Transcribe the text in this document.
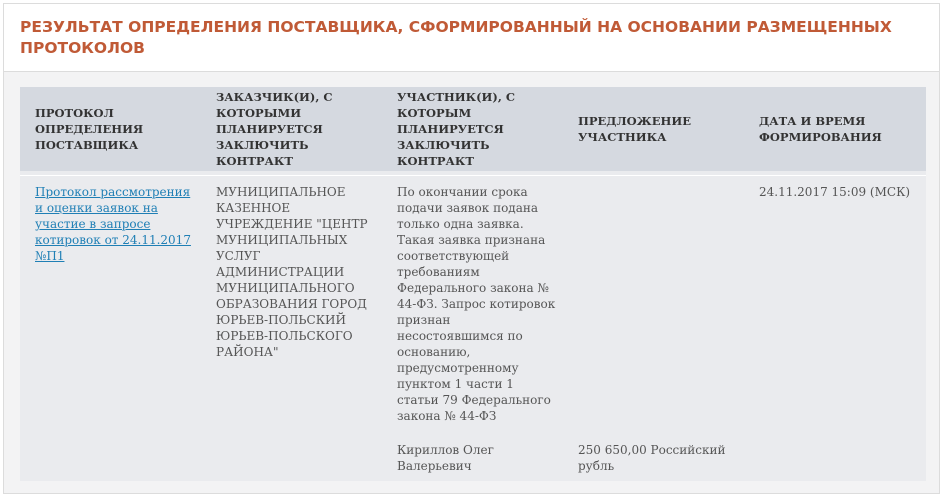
РЕЗУЛЬТАТ ОПРЕДЕЛЕНИЯ ПОСТАВЩИКА, СФОРМИРОВАННЫЙ НА ОСНОВАНИИ РАЗМЕЩЕННЫХ ПРОТОКОЛОВ
ПРОТОКОЛ ОПРЕДЕЛЕНИЯ ПОСТАВЩИКА
ЗАКАЗЧИК(И), С КОТОРЫМИ ПЛАНИРУЕТСЯ ЗАКЛЮЧИТЬ КОНТРАКТ
УЧАСТНИК(И), С КОТОРЫМ ПЛАНИРУЕТСЯ ЗАКЛЮЧИТЬ КОНТРАКТ
ПРЕДЛОЖЕНИЕ УЧАСТНИКА
ДАТА И ВРЕМЯ ФОРМИРОВАНИЯ
Протокол рассмотрения и оценки заявок на участие в запросе котировок от 24.11.2017 №П1
МУНИЦИПАЛЬНОЕ КАЗЕННОЕ УЧРЕЖДЕНИЕ "ЦЕНТР МУНИЦИПАЛЬНЫХ УСЛУГ АДМИНИСТРАЦИИ МУНИЦИПАЛЬНОГО ОБРАЗОВАНИЯ ГОРОД ЮРЬЕВ-ПОЛЬСКИЙ ЮРЬЕВ-ПОЛЬСКОГО РАЙОНА"
По окончании срока подачи заявок подана только одна заявка. Такая заявка признана соответствующей требованиям Федерального закона № 44-ФЗ. Запрос котировок признан несостоявшимся по основанию, предусмотренному пунктом 1 части 1 статьи 79 Федерального закона № 44-ФЗ
Кириллов Олег Валерьевич
250 650,00 Российский рубль
24.11.2017 15:09 (МСК)
